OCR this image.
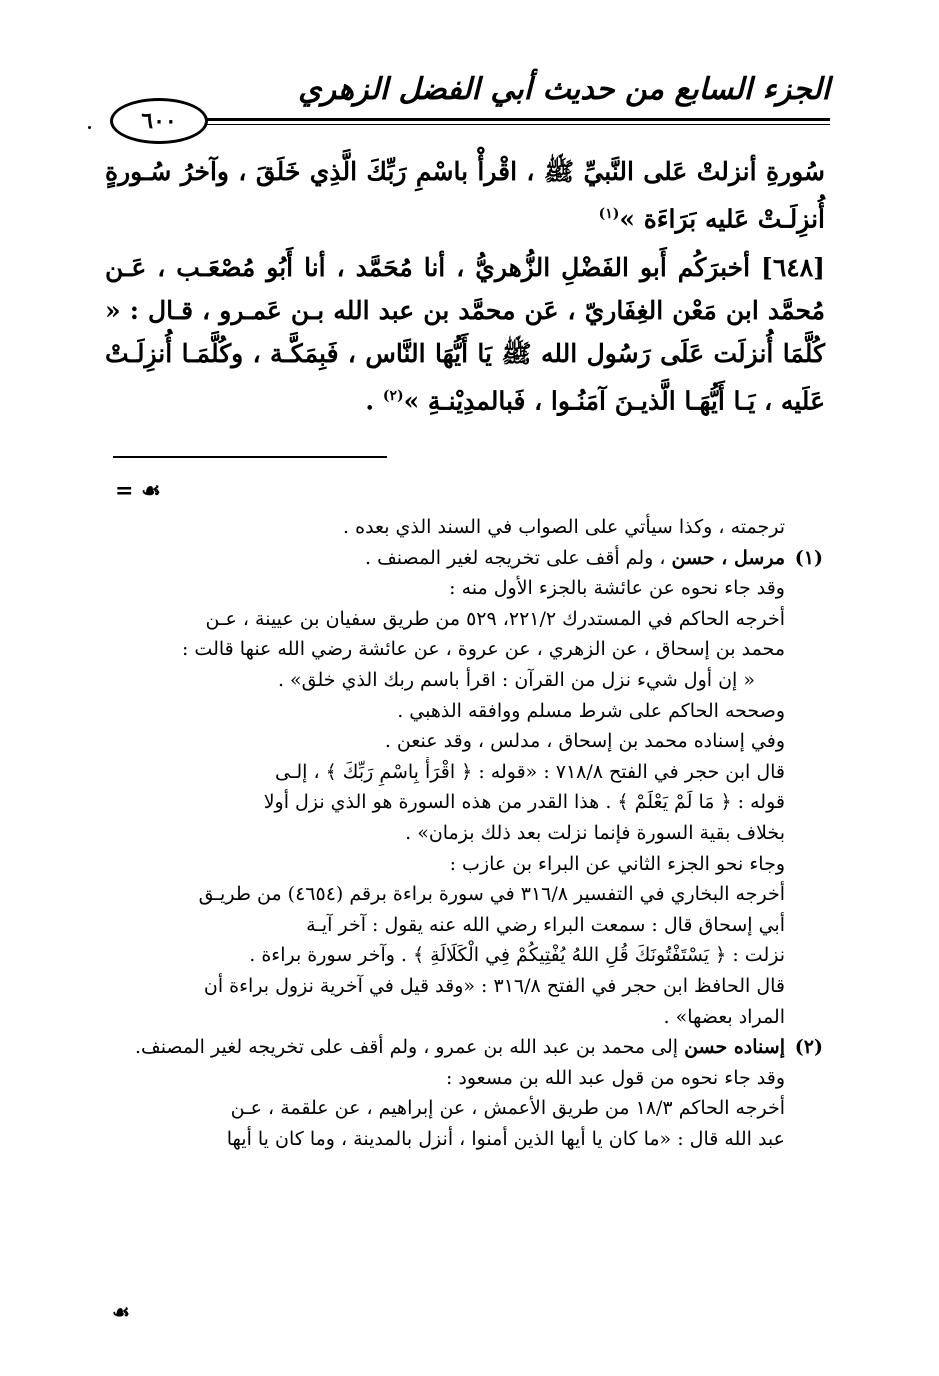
الجزء السابع من حديث أبي الفضل الزهري
٦٠٠

سُورةِ أنزلتْ عَلى النَّبيِّ ﷺ ، اقْرأْ باسْمِ رَبِّكَ الَّذِي خَلَقَ ، وآخرُ سُـورةٍ أُنزِلَـتْ عَليه بَرَاءَة »$^{(١)}$

[٦٤٨] أخبرَكُم أَبو الفَضْلِ الزُّهريُّ ، أنا مُحَمَّد ، أنا أَبُو مُصْعَـب ، عَـن مُحمَّد ابن مَعْن الغِفَاريّ ، عَن محمَّد بن عبد الله بـن عَمـرو ، قـال : « كُلَّمَا أُنزلَت عَلَى رَسُول الله ﷺ يَا أَيُّهَا النَّاس ، فَبِمَكَّـة ، وكُلَّمَـا أُنزِلَـتْ عَلَيه ، يَـا أَيُّهَـا الَّذيـنَ آمَنُـوا ، فَبالمدِيْنـةِ »$^{(٢)}$ .

= ☙

ترجمته ، وكذا سيأتي على الصواب في السند الذي بعده .

(١)مرسل ، حسن ، ولم أقف على تخريجه لغير المصنف .

وقد جاء نحوه عن عائشة بالجزء الأول منه :

أخرجه الحاكم في المستدرك ٢٢١/٢، ٥٢٩ من طريق سفيان بن عيينة ، عـن

محمد بن إسحاق ، عن الزهري ، عن عروة ، عن عائشة رضي الله عنها قالت :

« إن أول شيء نزل من القرآن : اقرأ باسم ربك الذي خلق» .

وصححه الحاكم على شرط مسلم ووافقه الذهبي .

وفي إسناده محمد بن إسحاق ، مدلس ، وقد عنعن .

قال ابن حجر في الفتح ٧١٨/٨ : «قوله : ﴿ اقْرَأْ بِاسْمِ رَبِّكَ ﴾ ، إلـى

قوله : ﴿ مَا لَمْ يَعْلَمْ ﴾ . هذا القدر من هذه السورة هو الذي نزل أولا

بخلاف بقية السورة فإنما نزلت بعد ذلك بزمان» .

وجاء نحو الجزء الثاني عن البراء بن عازب :

أخرجه البخاري في التفسير ٣١٦/٨ في سورة براءة برقم (٤٦٥٤) من طريـق

أبي إسحاق قال : سمعت البراء رضي الله عنه يقول : آخر آيـة

نزلت : ﴿ يَسْتَفْتُونَكَ قُلِ اللهُ يُفْتِيكُمْ فِي الْكَلَالَةِ ﴾ . وآخر سورة براءة .

قال الحافظ ابن حجر في الفتح ٣١٦/٨ : «وقد قيل في آخرية نزول براءة أن

المراد بعضها» .

(٢)إسناده حسن إلى محمد بن عبد الله بن عمرو ، ولم أقف على تخريجه لغير المصنف.

وقد جاء نحوه من قول عبد الله بن مسعود :

أخرجه الحاكم ١٨/٣ من طريق الأعمش ، عن إبراهيم ، عن علقمة ، عـن

عبد الله قال : «ما كان يا أيها الذين أمنوا ، أنزل بالمدينة ، وما كان يا أيها

☙
